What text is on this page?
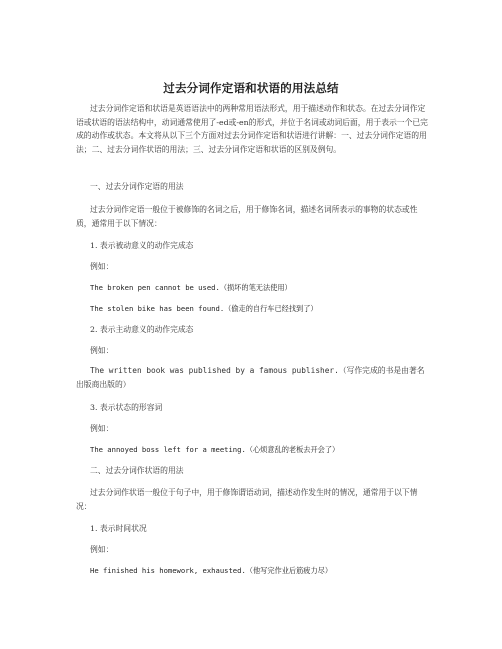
过去分词作定语和状语的用法总结
过去分词作定语和状语是英语语法中的两种常用语法形式，用于描述动作和状态。在过去分词作定语或状语的语法结构中，动词通常使用了-ed或-en的形式，并位于名词或动词后面，用于表示一个已完成的动作或状态。本文将从以下三个方面对过去分词作定语和状语进行讲解：一、过去分词作定语的用法；二、过去分词作状语的用法；三、过去分词作定语和状语的区别及例句。
一、过去分词作定语的用法
过去分词作定语一般位于被修饰的名词之后，用于修饰名词，描述名词所表示的事物的状态或性质，通常用于以下情况：
1. 表示被动意义的动作完成态
例如：
The broken pen cannot be used.（损坏的笔无法使用）
The stolen bike has been found.（偷走的自行车已经找到了）
2. 表示主动意义的动作完成态
例如：
The written book was published by a famous publisher.（写作完成的书是由著名出版商出版的）
3. 表示状态的形容词
例如：
The annoyed boss left for a meeting.（心烦意乱的老板去开会了）
二、过去分词作状语的用法
过去分词作状语一般位于句子中，用于修饰谓语动词，描述动作发生时的情况，通常用于以下情况：
1. 表示时间状况
例如：
He finished his homework, exhausted.（他写完作业后筋疲力尽）
